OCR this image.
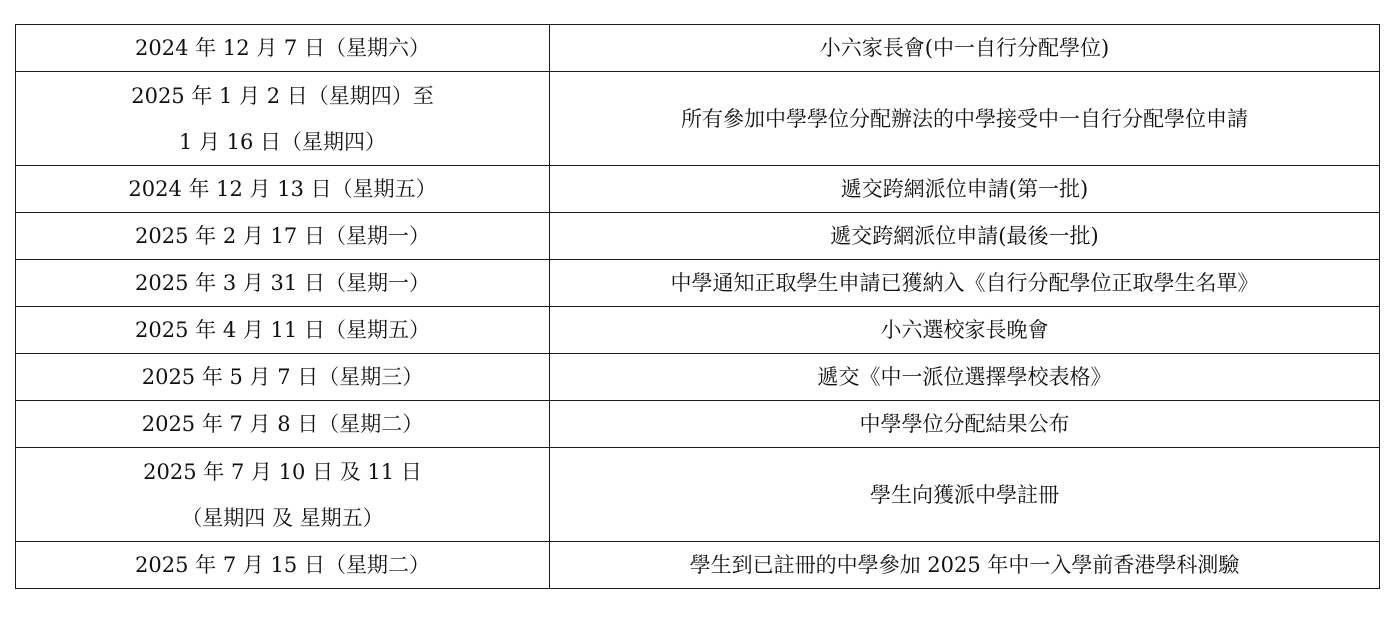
2024 年 12 月 7 日（星期六）	小六家長會(中一自行分配學位)

2025 年 1 月 2 日（星期四）至
1 月 16 日（星期四）	所有參加中學學位分配辦法的中學接受中一自行分配學位申請

2024 年 12 月 13 日（星期五）	遞交跨網派位申請(第一批)

2025 年 2 月 17 日（星期一）	遞交跨網派位申請(最後一批)

2025 年 3 月 31 日（星期一）	中學通知正取學生申請已獲納入《自行分配學位正取學生名單》

2025 年 4 月 11 日（星期五）	小六選校家長晚會

2025 年 5 月 7 日（星期三）	遞交《中一派位選擇學校表格》

2025 年 7 月 8 日（星期二）	中學學位分配結果公布

2025 年 7 月 10 日 及 11 日
（星期四 及 星期五）	學生向獲派中學註冊

2025 年 7 月 15 日（星期二）	學生到已註冊的中學參加 2025 年中一入學前香港學科測驗
